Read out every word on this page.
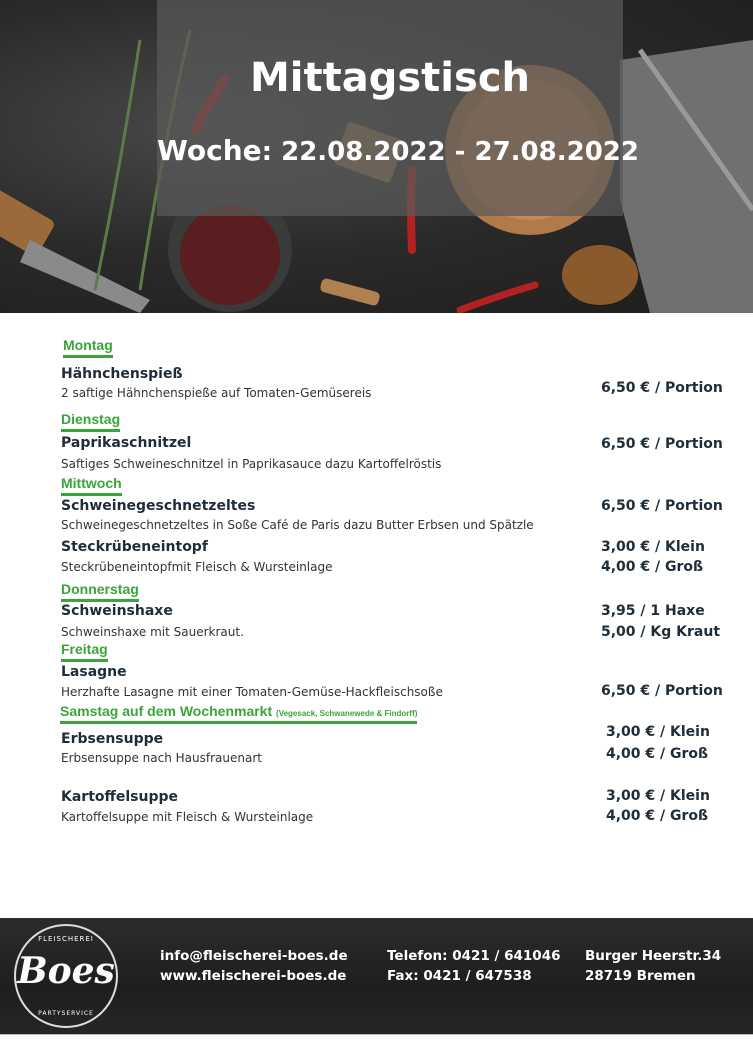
Mittagstisch
Woche: 22.08.2022 - 27.08.2022
Montag
Hähnchenspieß
2 saftige Hähnchenspieße auf Tomaten-Gemüsereis	6,50 € / Portion
Dienstag
Paprikaschnitzel
Saftiges Schweineschnitzel in Paprikasauce dazu Kartoffelröstis
6,50 € / Portion
Mittwoch
Schweinegeschnetzeltes
Schweinegeschnetzeltes in Soße Café de Paris dazu Butter Erbsen und Spätzle
6,50 € / Portion
Steckrübeneintopf
Steckrübeneintopfmit Fleisch & Wursteinlage
3,00 € / Klein
4,00 € / Groß
Donnerstag
Schweinshaxe
Schweinshaxe mit Sauerkraut.
3,95 / 1 Haxe
5,00 / Kg Kraut
Freitag
Lasagne
Herzhafte Lasagne mit einer Tomaten-Gemüse-Hackfleischsoße	6,50 € / Portion
Samstag auf dem Wochenmarkt (Vegesack, Schwanewede & Findorff)
Erbsensuppe
Erbsensuppe nach Hausfrauenart
3,00 € / Klein
4,00 € / Groß
Kartoffelsuppe
Kartoffelsuppe mit Fleisch & Wursteinlage
3,00 € / Klein
4,00 € / Groß
FLEISCHEREI
Boes
PARTYSERVICE
info@fleischerei-boes.de
www.fleischerei-boes.de
Telefon: 0421 / 641046
Fax: 0421 / 647538
Burger Heerstr.34
28719 Bremen
